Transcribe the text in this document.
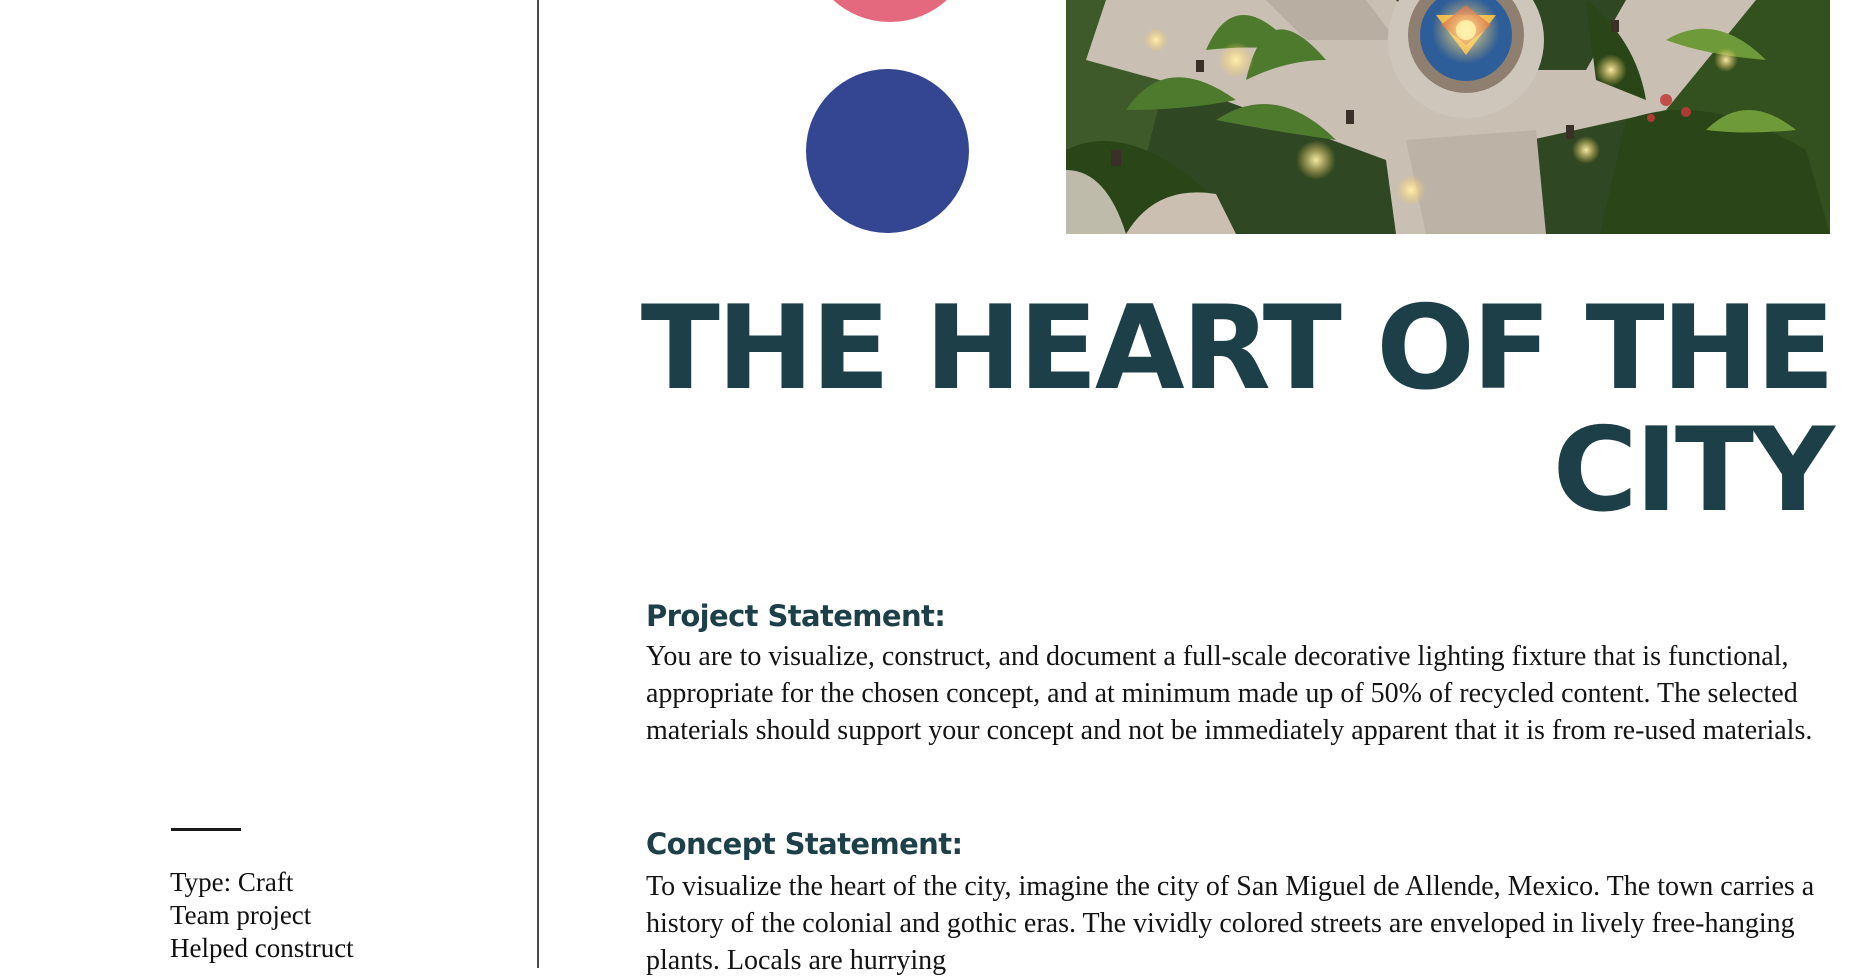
Type: Craft
Team project
Helped construct
THE HEART OF THE
CITY
Project Statement:

You are to visualize, construct, and document a full-scale decorative lighting fixture that is functional, appropriate for the chosen concept, and at minimum made up of 50% of recycled content. The selected materials should support your concept and not be immediately apparent that it is from re-used materials.

Concept Statement:

To visualize the heart of the city, imagine the city of San Miguel de Allende, Mexico. The town carries a history of the colonial and gothic eras. The vividly colored streets are enveloped in lively free-hanging plants. Locals are hurrying
